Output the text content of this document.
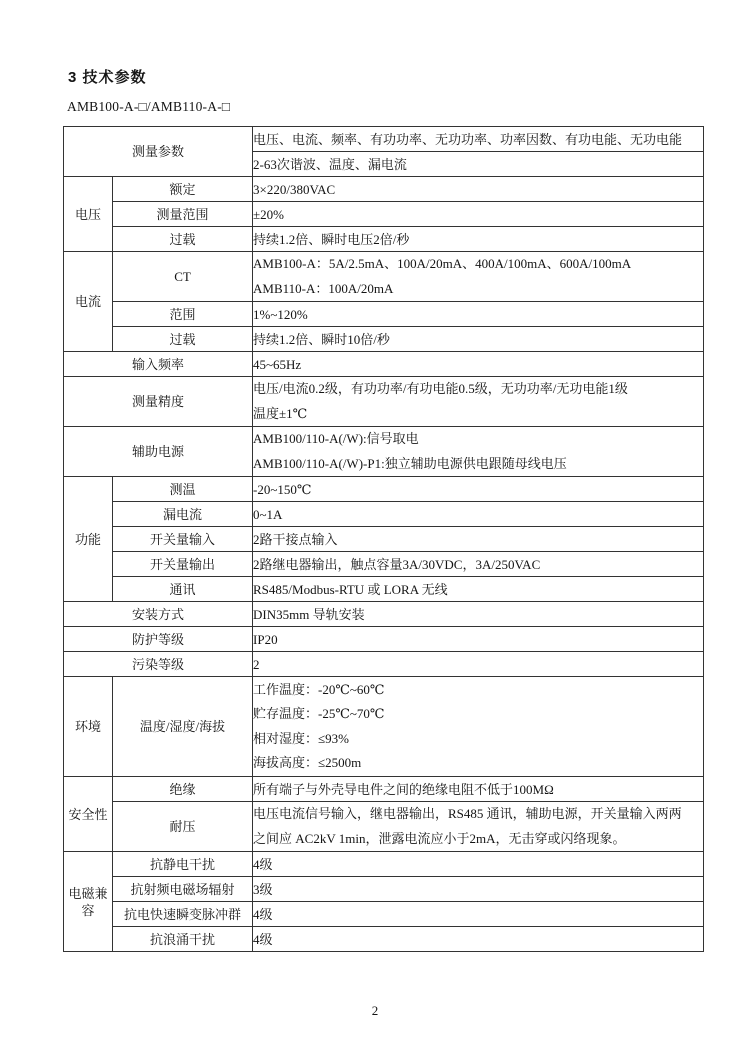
3 技术参数
AMB100-A-□/AMB110-A-□
测量参数		电压、电流、频率、有功功率、无功功率、功率因数、有功电能、无功电能
		2-63次谐波、温度、漏电流
电压	额定	3×220/380VAC
	测量范围	±20%
	过载	持续1.2倍、瞬时电压2倍/秒
电流	CT	AMB100-A：5A/2.5mA、100A/20mA、400A/100mA、600A/100mA
AMB110-A：100A/20mA

	范围	1%~120%
	过载	持续1.2倍、瞬时10倍/秒
输入频率		45~65Hz
测量精度		电压/电流0.2级，有功功率/有功电能0.5级，无功功率/无功电能1级
温度±1℃

辅助电源		AMB100/110-A(/W):信号取电
AMB100/110-A(/W)-P1:独立辅助电源供电跟随母线电压

功能	测温	-20~150℃
	漏电流	0~1A
	开关量输入	2路干接点输入
	开关量输出	2路继电器输出，触点容量3A/30VDC，3A/250VAC
	通讯	RS485/Modbus-RTU 或 LORA 无线
安装方式		DIN35mm 导轨安装
防护等级		IP20
污染等级		2
环境	温度/湿度/海拔	工作温度：-20℃~60℃
贮存温度：-25℃~70℃
相对湿度：≤93%
海拔高度：≤2500m

安全性	绝缘	所有端子与外壳导电件之间的绝缘电阻不低于100MΩ
	耐压	电压电流信号输入，继电器输出，RS485 通讯，辅助电源，开关量输入两两
之间应 AC2kV 1min，泄露电流应小于2mA，无击穿或闪络现象。

电磁兼容	抗静电干扰	4级
	抗射频电磁场辐射	3级
	抗电快速瞬变脉冲群	4级
	抗浪涌干扰	4级
2
